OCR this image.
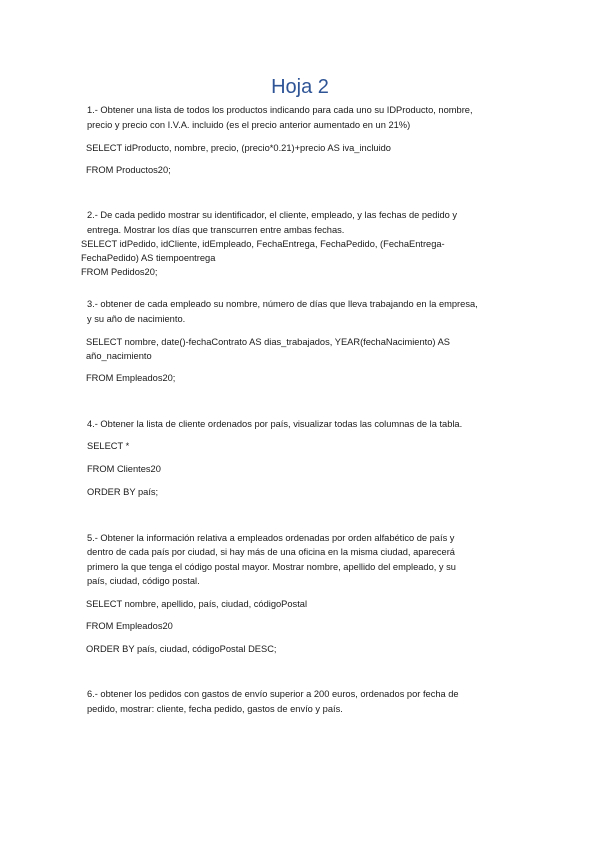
Hoja 2
1.- Obtener una lista de todos los productos indicando para cada uno su IDProducto, nombre,
precio y precio con I.V.A. incluido (es el precio anterior aumentado en un 21%)
SELECT idProducto, nombre, precio, (precio*0.21)+precio AS iva_incluido
FROM Productos20;
2.- De cada pedido mostrar su identificador, el cliente, empleado, y las fechas de pedido y
entrega. Mostrar los días que transcurren entre ambas fechas.
SELECT idPedido, idCliente, idEmpleado, FechaEntrega, FechaPedido, (FechaEntrega-
FechaPedido) AS tiempoentrega
FROM Pedidos20;
3.- obtener de cada empleado su nombre, número de días que lleva trabajando en la empresa,
y su año de nacimiento.
SELECT nombre, date()-fechaContrato AS dias_trabajados, YEAR(fechaNacimiento) AS
año_nacimiento
FROM Empleados20;
4.- Obtener la lista de cliente ordenados por país, visualizar todas las columnas de la tabla.
SELECT *
FROM Clientes20
ORDER BY país;
5.- Obtener la información relativa a empleados ordenadas por orden alfabético de país y
dentro de cada país por ciudad, si hay más de una oficina en la misma ciudad, aparecerá
primero la que tenga el código postal mayor. Mostrar nombre, apellido del empleado, y su
país, ciudad, código postal.
SELECT nombre, apellido, país, ciudad, códigoPostal
FROM Empleados20
ORDER BY país, ciudad, códigoPostal DESC;
6.- obtener los pedidos con gastos de envío superior a 200 euros, ordenados por fecha de
pedido, mostrar: cliente, fecha pedido, gastos de envío y país.
